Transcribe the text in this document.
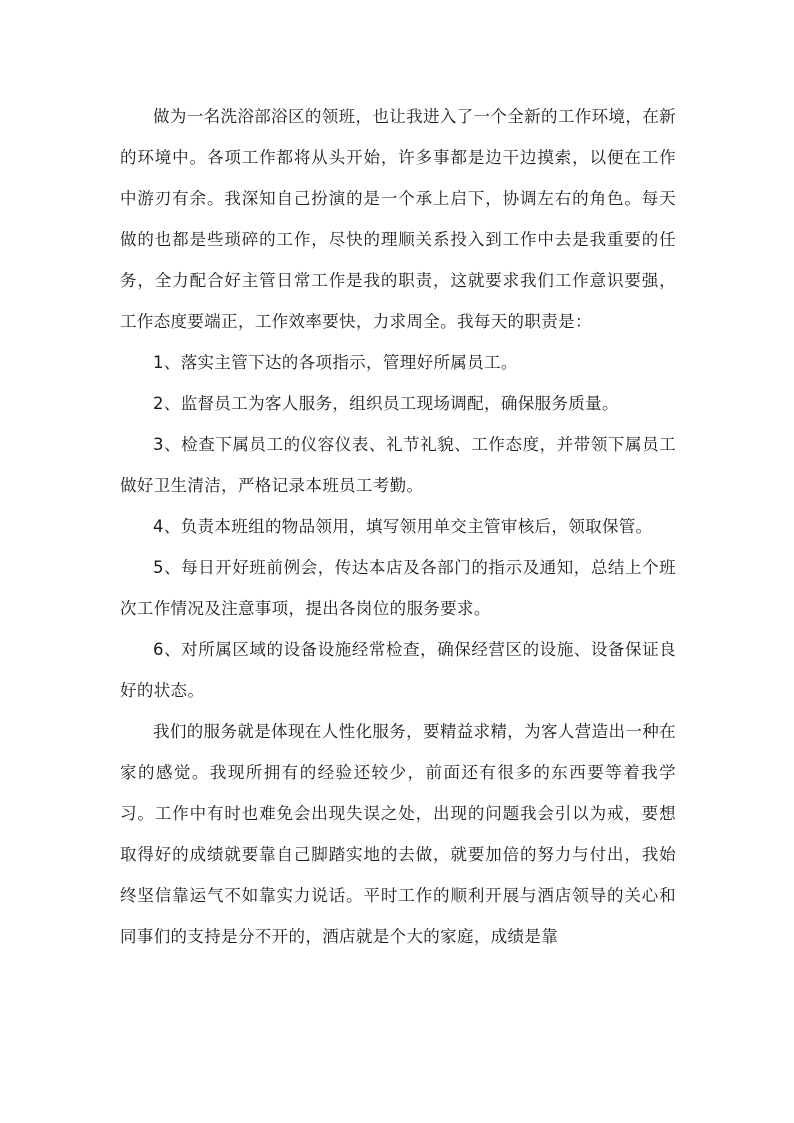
做为一名洗浴部浴区的领班，也让我进入了一个全新的工作环境，在新的环境中。各项工作都将从头开始，许多事都是边干边摸索，以便在工作中游刃有余。我深知自己扮演的是一个承上启下，协调左右的角色。每天做的也都是些琐碎的工作，尽快的理顺关系投入到工作中去是我重要的任务，全力配合好主管日常工作是我的职责，这就要求我们工作意识要强，工作态度要端正，工作效率要快，力求周全。我每天的职责是：

1、落实主管下达的各项指示，管理好所属员工。

2、监督员工为客人服务，组织员工现场调配，确保服务质量。

3、检查下属员工的仪容仪表、礼节礼貌、工作态度，并带领下属员工做好卫生清洁，严格记录本班员工考勤。

4、负责本班组的物品领用，填写领用单交主管审核后，领取保管。

5、每日开好班前例会，传达本店及各部门的指示及通知，总结上个班次工作情况及注意事项，提出各岗位的服务要求。

6、对所属区域的设备设施经常检查，确保经营区的设施、设备保证良好的状态。

我们的服务就是体现在人性化服务，要精益求精，为客人营造出一种在家的感觉。我现所拥有的经验还较少，前面还有很多的东西要等着我学习。工作中有时也难免会出现失误之处，出现的问题我会引以为戒，要想取得好的成绩就要靠自己脚踏实地的去做，就要加倍的努力与付出，我始终坚信靠运气不如靠实力说话。平时工作的顺利开展与酒店领导的关心和同事们的支持是分不开的，酒店就是个大的家庭，成绩是靠
